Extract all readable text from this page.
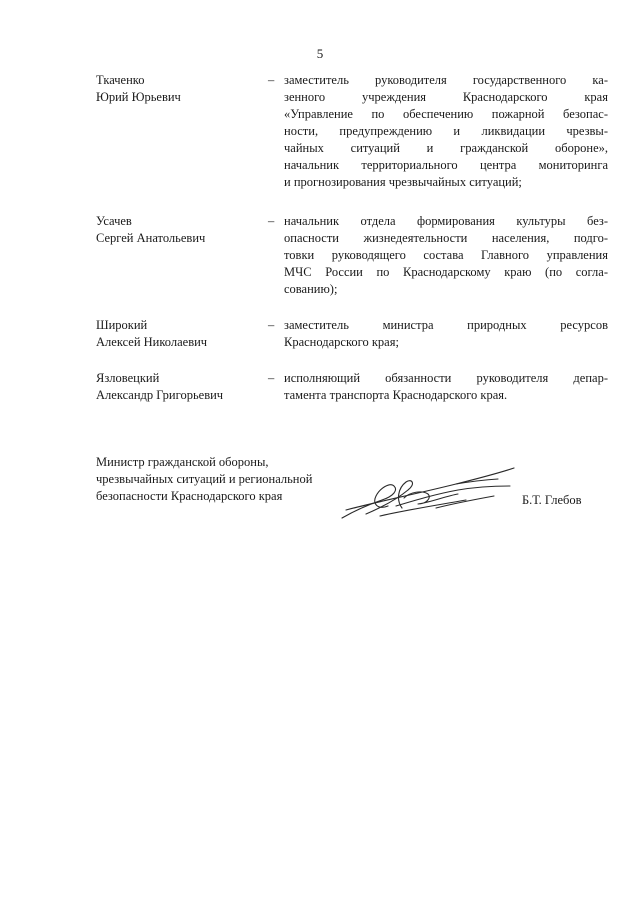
5
Ткаченко
Юрий Юрьевич
– заместитель руководителя государственного ка-
зенного учреждения Краснодарского края
«Управление по обеспечению пожарной безопас-
ности, предупреждению и ликвидации чрезвы-
чайных ситуаций и гражданской обороне»,
начальник территориального центра мониторинга
и прогнозирования чрезвычайных ситуаций;
Усачев
Сергей Анатольевич
– начальник отдела формирования культуры без-
опасности жизнедеятельности населения, подго-
товки руководящего состава Главного управления
МЧС России по Краснодарскому краю (по согла-
сованию);
Широкий
Алексей Николаевич
– заместитель министра природных ресурсов
Краснодарского края;
Язловецкий
Александр Григорьевич
– исполняющий обязанности руководителя депар-
тамента транспорта Краснодарского края.
Министр гражданской обороны,
чрезвычайных ситуаций и региональной
безопасности Краснодарского края	Б.Т. Глебов
